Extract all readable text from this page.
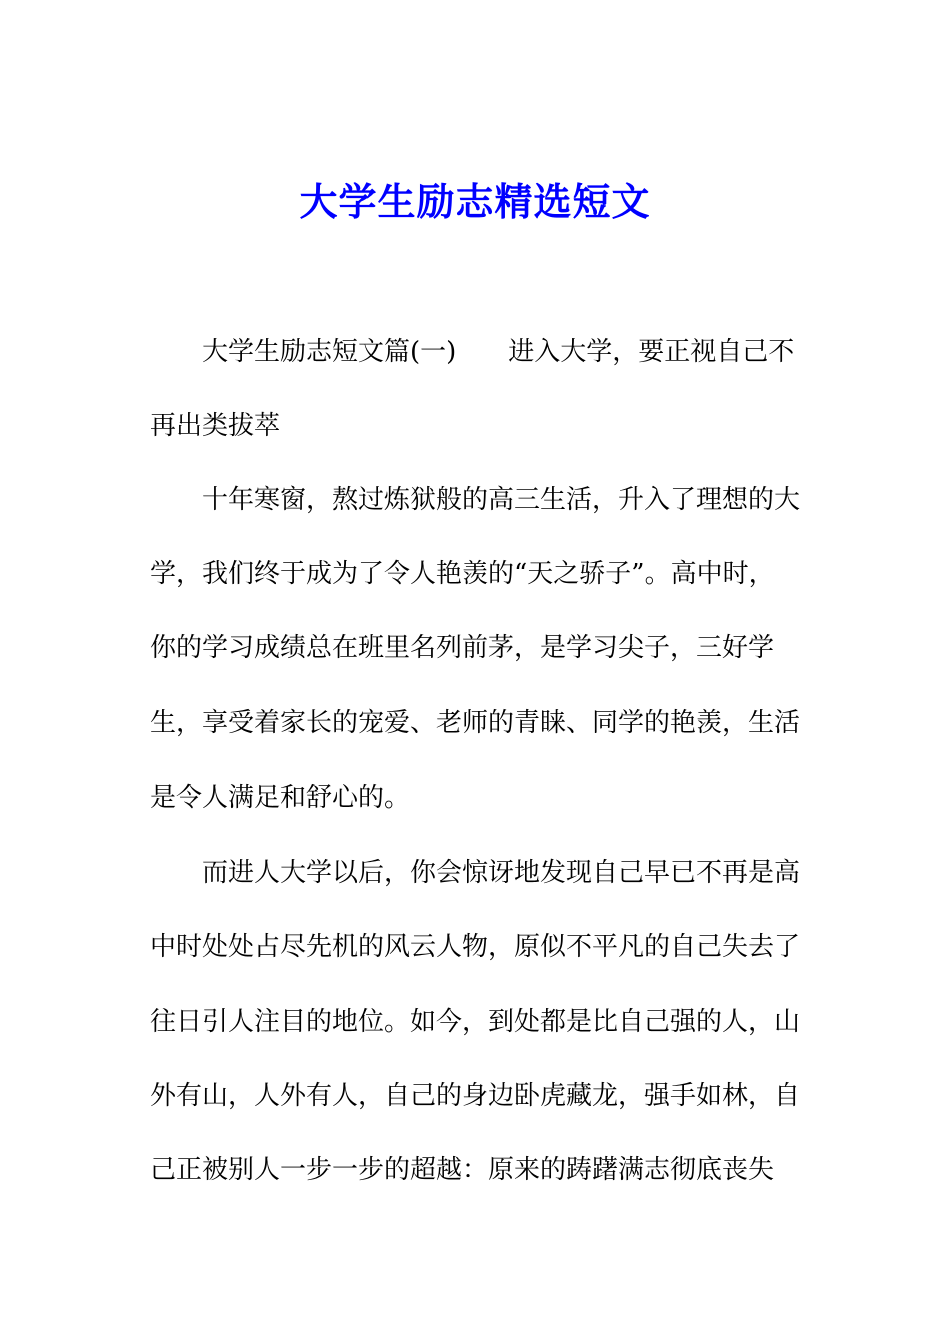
大学生励志精选短文
　　大学生励志短文篇(一)　　进入大学，要正视自己不
再出类拔萃
　　十年寒窗，熬过炼狱般的高三生活，升入了理想的大
学，我们终于成为了令人艳羡的“天之骄子”。高中时，
你的学习成绩总在班里名列前茅，是学习尖子，三好学
生，享受着家长的宠爱、老师的青睐、同学的艳羡，生活
是令人满足和舒心的。
　　而进人大学以后，你会惊讶地发现自己早已不再是高
中时处处占尽先机的风云人物，原似不平凡的自己失去了
往日引人注目的地位。如今，到处都是比自己强的人，山
外有山，人外有人，自己的身边卧虎藏龙，强手如林，自
己正被别人一步一步的超越：原来的踌躇满志彻底丧失
